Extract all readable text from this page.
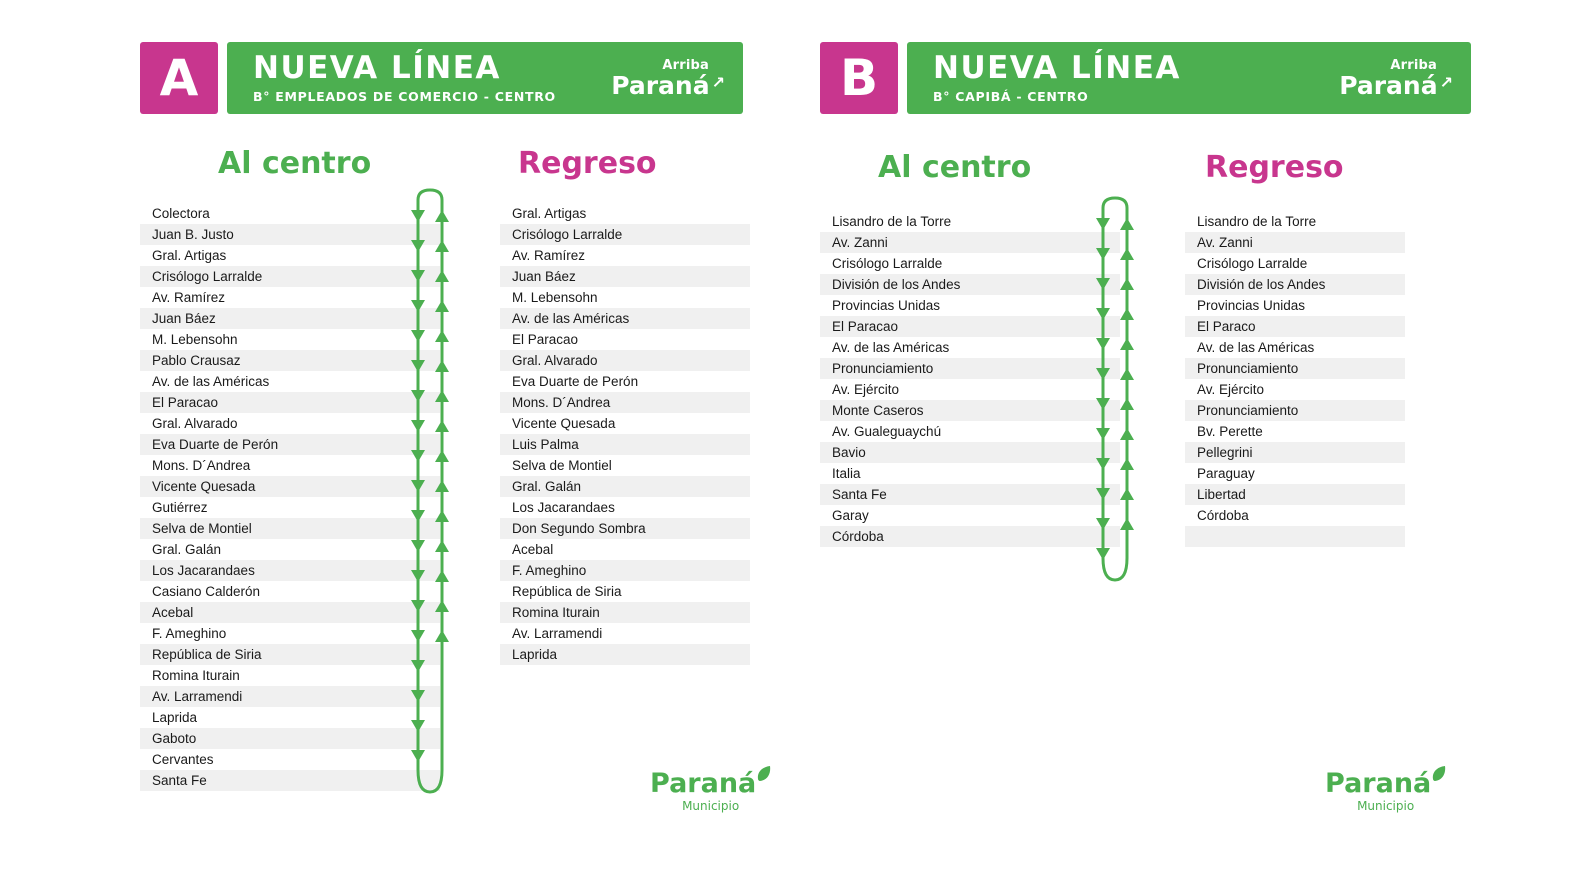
A	NUEVA LÍNEA
B° EMPLEADOS DE COMERCIO - CENTRO
Arriba
Paraná ↗
Al centro	Regreso
Colectora
Juan B. Justo
Gral. Artigas
Crisólogo Larralde
Av. Ramírez
Juan Báez
M. Lebensohn
Pablo Crausaz
Av. de las Américas
El Paracao
Gral. Alvarado
Eva Duarte de Perón
Mons. D´Andrea
Vicente Quesada
Gutiérrez
Selva de Montiel
Gral. Galán
Los Jacarandaes
Casiano Calderón
Acebal
F. Ameghino
República de Siria
Romina Iturain
Av. Larramendi
Laprida
Gaboto
Cervantes
Santa Fe
Gral. Artigas
Crisólogo Larralde
Av. Ramírez
Juan Báez
M. Lebensohn
Av. de las Américas
El Paracao
Gral. Alvarado
Eva Duarte de Perón
Mons. D´Andrea
Vicente Quesada
Luis Palma
Selva de Montiel
Gral. Galán
Los Jacarandaes
Don Segundo Sombra
Acebal
F. Ameghino
República de Siria
Romina Iturain
Av. Larramendi
Laprida
Paraná
Municipio
B	NUEVA LÍNEA
B° CAPIBÁ - CENTRO
Arriba
Paraná ↗
Al centro	Regreso
Lisandro de la Torre
Av. Zanni
Crisólogo Larralde
División de los Andes
Provincias Unidas
El Paracao
Av. de las Américas
Pronunciamiento
Av. Ejército
Monte Caseros
Av. Gualeguaychú
Bavio
Italia
Santa Fe
Garay
Córdoba
Lisandro de la Torre
Av. Zanni
Crisólogo Larralde
División de los Andes
Provincias Unidas
El Paraco
Av. de las Américas
Pronunciamiento
Av. Ejército
Pronunciamiento
Bv. Perette
Pellegrini
Paraguay
Libertad
Córdoba

Paraná
Municipio
